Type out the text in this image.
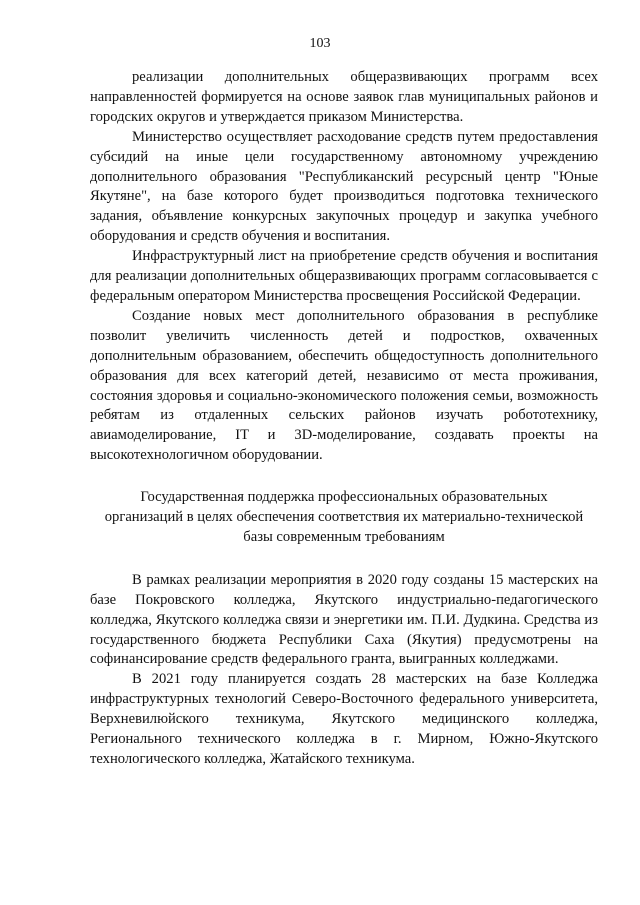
103

реализации дополнительных общеразвивающих программ всех направленностей формируется на основе заявок глав муниципальных районов и городских округов и утверждается приказом Министерства.

Министерство осуществляет расходование средств путем предоставления субсидий на иные цели государственному автономному учреждению дополнительного образования "Республиканский ресурсный центр "Юные Якутяне", на базе которого будет производиться подготовка технического задания, объявление конкурсных закупочных процедур и закупка учебного оборудования и средств обучения и воспитания.

Инфраструктурный лист на приобретение средств обучения и воспитания для реализации дополнительных общеразвивающих программ согласовывается с федеральным оператором Министерства просвещения Российской Федерации.

Создание новых мест дополнительного образования в республике позволит увеличить численность детей и подростков, охваченных дополнительным образованием, обеспечить общедоступность дополнительного образования для всех категорий детей, независимо от места проживания, состояния здоровья и социально-экономического положения семьи, возможность ребятам из отдаленных сельских районов изучать робототехнику, авиамоделирование, IT и 3D-моделирование, создавать проекты на высокотехнологичном оборудовании.

Государственная поддержка профессиональных образовательных организаций в целях обеспечения соответствия их материально-технической базы современным требованиям

В рамках реализации мероприятия в 2020 году созданы 15 мастерских на базе Покровского колледжа, Якутского индустриально-педагогического колледжа, Якутского колледжа связи и энергетики им. П.И. Дудкина. Средства из государственного бюджета Республики Саха (Якутия) предусмотрены на софинансирование средств федерального гранта, выигранных колледжами.

В 2021 году планируется создать 28 мастерских на базе Колледжа инфраструктурных технологий Северо-Восточного федерального университета, Верхневилюйского техникума, Якутского медицинского колледжа, Регионального технического колледжа в г. Мирном, Южно-Якутского технологического колледжа, Жатайского техникума.
